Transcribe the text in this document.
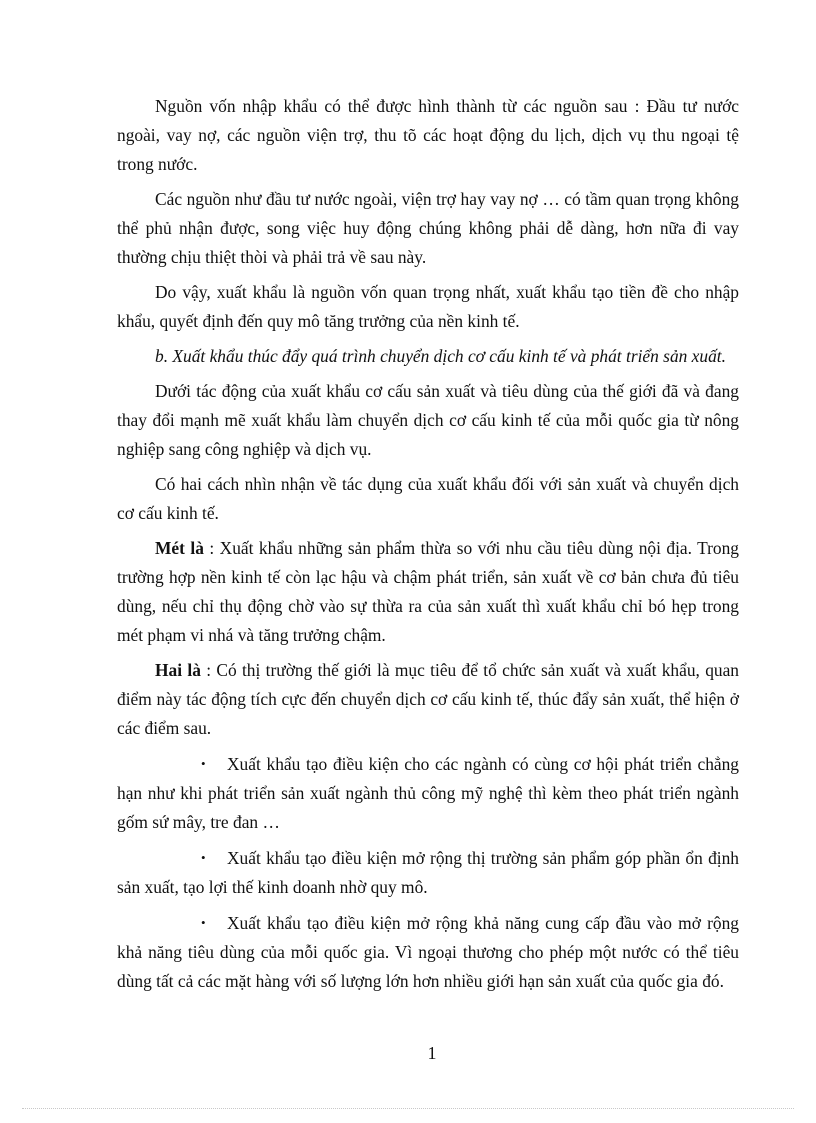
Nguồn vốn nhập khẩu có thể được hình thành từ các nguồn sau : Đầu tư nước ngoài, vay nợ, các nguồn viện trợ, thu tõ các hoạt động du lịch, dịch vụ thu ngoại tệ trong nước.

Các nguồn như đầu tư nước ngoài, viện trợ hay vay nợ … có tầm quan trọng không thể phủ nhận được, song việc huy động chúng không phải dễ dàng, hơn nữa đi vay thường chịu thiệt thòi và phải trả về sau này.

Do vậy, xuất khẩu là nguồn vốn quan trọng nhất, xuất khẩu tạo tiền đề cho nhập khẩu, quyết định đến quy mô tăng trưởng của nền kinh tế.

b. Xuất khẩu thúc đẩy quá trình chuyển dịch cơ cấu kinh tế và phát triển sản xuất.

Dưới tác động của xuất khẩu cơ cấu sản xuất và tiêu dùng của thế giới đã và đang thay đổi mạnh mẽ xuất khẩu làm chuyển dịch cơ cấu kinh tế của mỗi quốc gia từ nông nghiệp sang công nghiệp và dịch vụ.

Có hai cách nhìn nhận về tác dụng của xuất khẩu đối với sản xuất và chuyển dịch cơ cấu kinh tế.

Mét là : Xuất khẩu những sản phẩm thừa so với nhu cầu tiêu dùng nội địa. Trong trường hợp nền kinh tế còn lạc hậu và chậm phát triển, sản xuất về cơ bản chưa đủ tiêu dùng, nếu chỉ thụ động chờ vào sự thừa ra của sản xuất thì xuất khẩu chỉ bó hẹp trong mét phạm vi nhá và tăng trưởng chậm.

Hai là : Có thị trường thế giới là mục tiêu để tổ chức sản xuất và xuất khẩu, quan điểm này tác động tích cực đến chuyển dịch cơ cấu kinh tế, thúc đẩy sản xuất, thể hiện ở các điểm sau.

• Xuất khẩu tạo điều kiện cho các ngành có cùng cơ hội phát triển chẳng hạn như khi phát triển sản xuất ngành thủ công mỹ nghệ thì kèm theo phát triển ngành gốm sứ mây, tre đan …

• Xuất khẩu tạo điều kiện mở rộng thị trường sản phẩm góp phần ổn định sản xuất, tạo lợi thế kinh doanh nhờ quy mô.

• Xuất khẩu tạo điều kiện mở rộng khả năng cung cấp đầu vào mở rộng khả năng tiêu dùng của mỗi quốc gia. Vì ngoại thương cho phép một nước có thể tiêu dùng tất cả các mặt hàng với số lượng lớn hơn nhiều giới hạn sản xuất của quốc gia đó.

1
